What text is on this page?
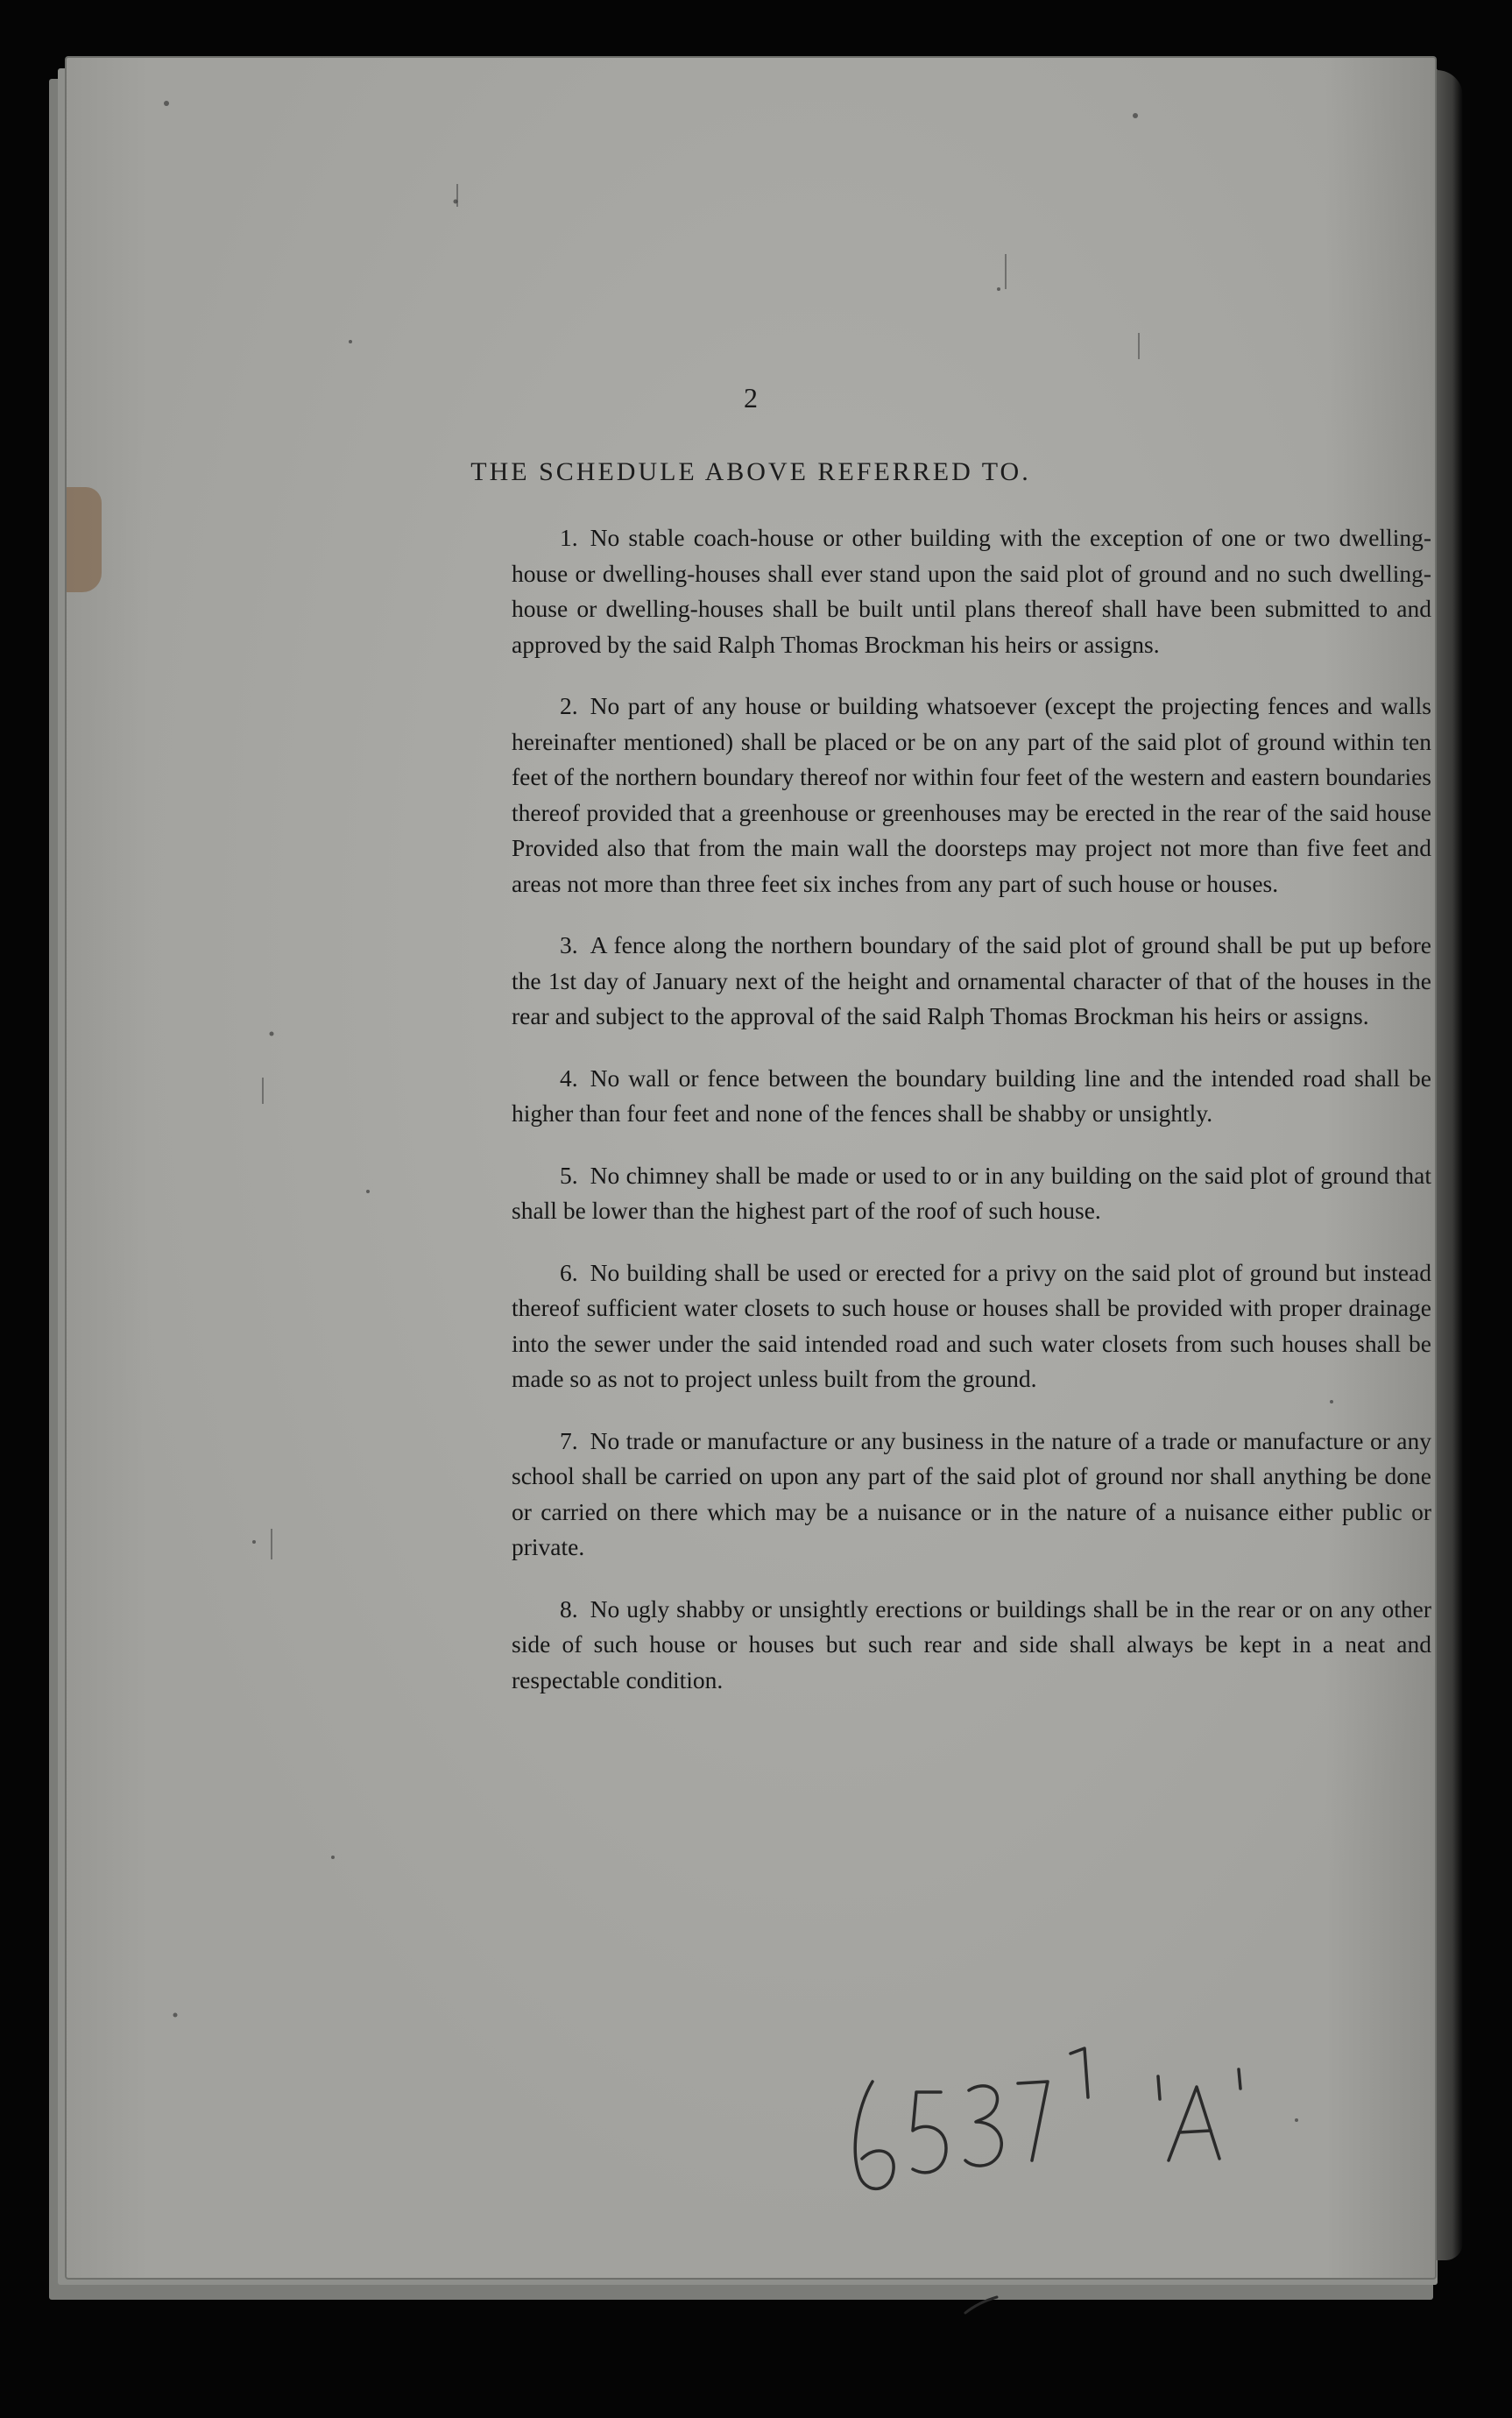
2
THE SCHEDULE ABOVE REFERRED TO.

1. No stable coach-house or other building with the exception of one or two dwelling-house or dwelling-houses shall ever stand upon the said plot of ground and no such dwelling-house or dwelling-houses shall be built until plans thereof shall have been submitted to and approved by the said Ralph Thomas Brockman his heirs or assigns.

2. No part of any house or building whatsoever (except the projecting fences and walls hereinafter mentioned) shall be placed or be on any part of the said plot of ground within ten feet of the northern boundary thereof nor within four feet of the western and eastern boundaries thereof provided that a greenhouse or greenhouses may be erected in the rear of the said house Provided also that from the main wall the doorsteps may project not more than five feet and areas not more than three feet six inches from any part of such house or houses.

3. A fence along the northern boundary of the said plot of ground shall be put up before the 1st day of January next of the height and ornamental character of that of the houses in the rear and subject to the approval of the said Ralph Thomas Brockman his heirs or assigns.

4. No wall or fence between the boundary building line and the intended road shall be higher than four feet and none of the fences shall be shabby or unsightly.

5. No chimney shall be made or used to or in any building on the said plot of ground that shall be lower than the highest part of the roof of such house.

6. No building shall be used or erected for a privy on the said plot of ground but instead thereof sufficient water closets to such house or houses shall be provided with proper drainage into the sewer under the said intended road and such water closets from such houses shall be made so as not to project unless built from the ground.

7. No trade or manufacture or any business in the nature of a trade or manufacture or any school shall be carried on upon any part of the said plot of ground nor shall anything be done or carried on there which may be a nuisance or in the nature of a nuisance either public or private.

8. No ugly shabby or unsightly erections or buildings shall be in the rear or on any other side of such house or houses but such rear and side shall always be kept in a neat and respectable condition.
